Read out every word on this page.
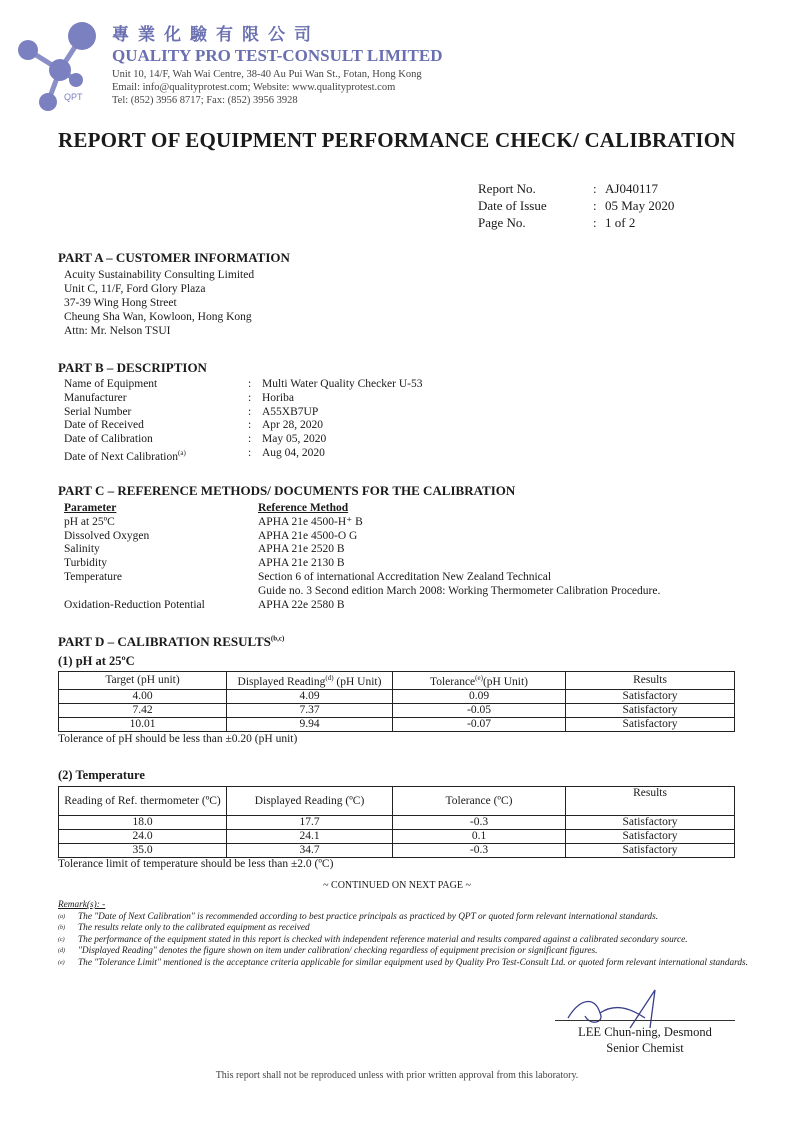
QPT
專業化驗有限公司
QUALITY PRO TEST-CONSULT LIMITED
Unit 10, 14/F, Wah Wai Centre, 38-40 Au Pui Wan St., Fotan, Hong Kong
Email: info@qualityprotest.com; Website: www.qualityprotest.com
Tel: (852) 3956 8717; Fax: (852) 3956 3928
REPORT OF EQUIPMENT PERFORMANCE CHECK/ CALIBRATION
Report No.	: AJ040117
Date of Issue	: 05 May 2020
Page No.	: 1 of 2
PART A – CUSTOMER INFORMATION
Acuity Sustainability Consulting Limited
Unit C, 11/F, Ford Glory Plaza
37-39 Wing Hong Street
Cheung Sha Wan, Kowloon, Hong Kong
Attn: Mr. Nelson TSUI
PART B – DESCRIPTION
Name of Equipment	: Multi Water Quality Checker U-53
Manufacturer	: Horiba
Serial Number	: A55XB7UP
Date of Received	: Apr 28, 2020
Date of Calibration	: May 05, 2020
Date of Next Calibration$^{(a)}$	: Aug 04, 2020
PART C – REFERENCE METHODS/ DOCUMENTS FOR THE CALIBRATION
Parameter	Reference Method
pH at 25ºC	APHA 21e 4500-H⁺ B
Dissolved Oxygen	APHA 21e 4500-O G
Salinity	APHA 21e 2520 B
Turbidity	APHA 21e 2130 B
Temperature	Section 6 of international Accreditation New Zealand Technical
Guide no. 3 Second edition March 2008: Working Thermometer Calibration Procedure.
Oxidation-Reduction Potential	APHA 22e 2580 B
PART D – CALIBRATION RESULTS$^{(b,c)}$
(1) pH at 25ºC
Target (pH unit)	Displayed Reading$^{(d)}$ (pH Unit)	Tolerance$^{(e)}$(pH Unit)	Results
4.00	4.09	0.09	Satisfactory
7.42	7.37	-0.05	Satisfactory
10.01	9.94	-0.07	Satisfactory
Tolerance of pH should be less than ±0.20 (pH unit)
(2) Temperature
Reading of Ref. thermometer (ºC)	Displayed Reading (ºC)	Tolerance (ºC)	Results
18.0	17.7	-0.3	Satisfactory
24.0	24.1	0.1	Satisfactory
35.0	34.7	-0.3	Satisfactory
Tolerance limit of temperature should be less than ±2.0 (ºC)
~ CONTINUED ON NEXT PAGE ~
Remark(s): -
(a)	The "Date of Next Calibration" is recommended according to best practice principals as practiced by QPT or quoted form relevant international standards.
(b)	The results relate only to the calibrated equipment as received
(c)	The performance of the equipment stated in this report is checked with independent reference material and results compared against a calibrated secondary source.
(d)	"Displayed Reading" denotes the figure shown on item under calibration/ checking regardless of equipment precision or significant figures.
(e)	The "Tolerance Limit" mentioned is the acceptance criteria applicable for similar equipment used by Quality Pro Test-Consult Ltd. or quoted form relevant international standards.
LEE Chun-ning, Desmond
Senior Chemist
This report shall not be reproduced unless with prior written approval from this laboratory.
